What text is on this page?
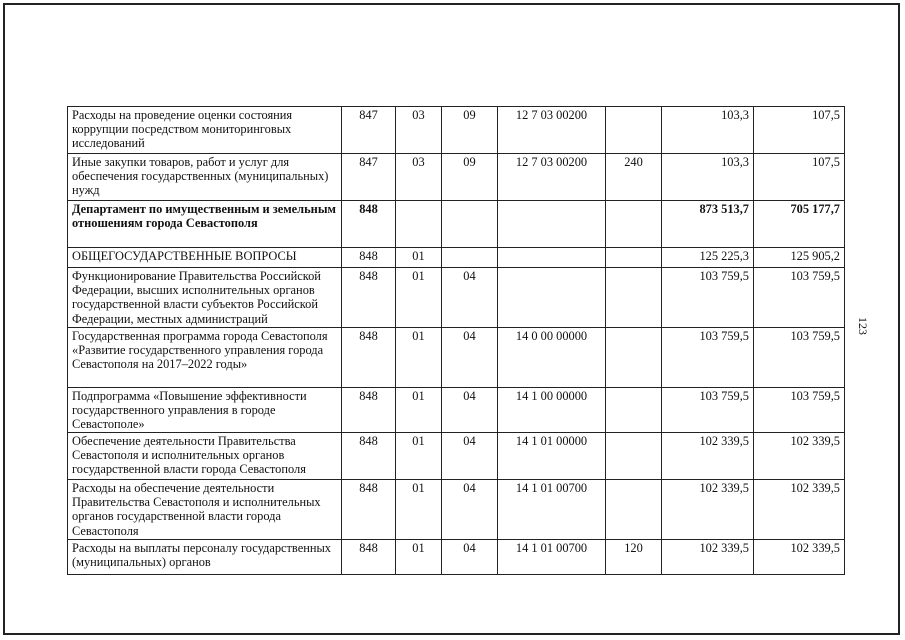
Расходы на проведение оценки состояния коррупции посредством мониторинговых исследований	847	03	09	12 7 03 00200		103,3	107,5
Иные закупки товаров, работ и услуг для обеспечения государственных (муниципальных) нужд	847	03	09	12 7 03 00200	240	103,3	107,5
Департамент по имущественным и земельным отношениям города Севастополя	848					873 513,7	705 177,7
ОБЩЕГОСУДАРСТВЕННЫЕ ВОПРОСЫ	848	01				125 225,3	125 905,2
Функционирование Правительства Российской Федерации, высших исполнительных органов государственной власти субъектов Российской Федерации, местных администраций	848	01	04			103 759,5	103 759,5
Государственная программа города Севастополя «Развитие государственного управления города Севастополя на 2017–2022 годы»	848	01	04	14 0 00 00000		103 759,5	103 759,5
Подпрограмма «Повышение эффективности государственного управления в городе Севастополе»	848	01	04	14 1 00 00000		103 759,5	103 759,5
Обеспечение деятельности Правительства Севастополя и исполнительных органов государственной власти города Севастополя	848	01	04	14 1 01 00000		102 339,5	102 339,5
Расходы на обеспечение деятельности Правительства Севастополя и исполнительных органов государственной власти города Севастополя	848	01	04	14 1 01 00700		102 339,5	102 339,5
Расходы на выплаты персоналу государственных (муниципальных) органов	848	01	04	14 1 01 00700	120	102 339,5	102 339,5
123
